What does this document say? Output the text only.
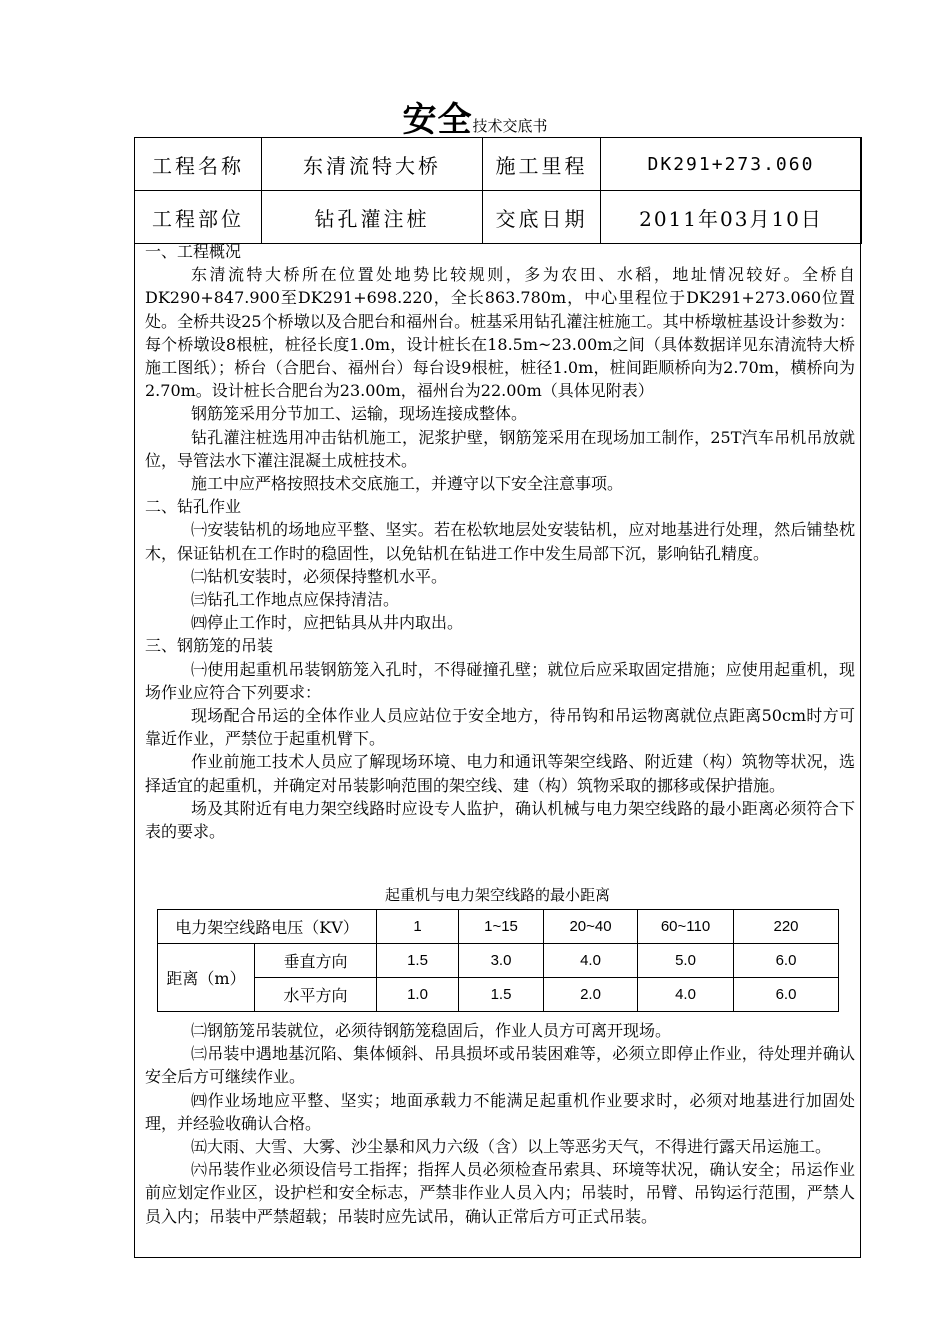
安全技术交底书
工程名称	东清流特大桥	施工里程	DK291+273.060
工程部位	钻孔灌注桩	交底日期	2011年03月10日

一、工程概况

东清流特大桥所在位置处地势比较规则，多为农田、水稻，地址情况较好。全桥自DK290+847.900至DK291+698.220，全长863.780m，中心里程位于DK291+273.060位置处。全桥共设25个桥墩以及合肥台和福州台。桩基采用钻孔灌注桩施工。其中桥墩桩基设计参数为：每个桥墩设8根桩，桩径长度1.0m，设计桩长在18.5m~23.00m之间（具体数据详见东清流特大桥施工图纸）；桥台（合肥台、福州台）每台设9根桩，桩径1.0m，桩间距顺桥向为2.70m，横桥向为2.70m。设计桩长合肥台为23.00m，福州台为22.00m（具体见附表）

钢筋笼采用分节加工、运输，现场连接成整体。

钻孔灌注桩选用冲击钻机施工，泥浆护壁，钢筋笼采用在现场加工制作，25T汽车吊机吊放就位，导管法水下灌注混凝土成桩技术。

施工中应严格按照技术交底施工，并遵守以下安全注意事项。

二、钻孔作业

㈠安装钻机的场地应平整、坚实。若在松软地层处安装钻机，应对地基进行处理，然后铺垫枕木，保证钻机在工作时的稳固性，以免钻机在钻进工作中发生局部下沉，影响钻孔精度。

㈡钻机安装时，必须保持整机水平。

㈢钻孔工作地点应保持清洁。

㈣停止工作时，应把钻具从井内取出。

三、钢筋笼的吊装

㈠使用起重机吊装钢筋笼入孔时，不得碰撞孔壁；就位后应采取固定措施；应使用起重机，现场作业应符合下列要求：

现场配合吊运的全体作业人员应站位于安全地方，待吊钩和吊运物离就位点距离50cm时方可靠近作业，严禁位于起重机臂下。

作业前施工技术人员应了解现场环境、电力和通讯等架空线路、附近建（构）筑物等状况，选择适宜的起重机，并确定对吊装影响范围的架空线、建（构）筑物采取的挪移或保护措施。

场及其附近有电力架空线路时应设专人监护，确认机械与电力架空线路的最小距离必须符合下表的要求。

起重机与电力架空线路的最小距离
电力架空线路电压（KV）		1	1~15	20~40	60~110	220
距离（m）	垂直方向	1.5	3.0	4.0	5.0	6.0
	水平方向	1.0	1.5	2.0	4.0	6.0

㈡钢筋笼吊装就位，必须待钢筋笼稳固后，作业人员方可离开现场。

㈢吊装中遇地基沉陷、集体倾斜、吊具损坏或吊装困难等，必须立即停止作业，待处理并确认安全后方可继续作业。

㈣作业场地应平整、坚实；地面承载力不能满足起重机作业要求时，必须对地基进行加固处理，并经验收确认合格。

㈤大雨、大雪、大雾、沙尘暴和风力六级（含）以上等恶劣天气，不得进行露天吊运施工。

㈥吊装作业必须设信号工指挥；指挥人员必须检查吊索具、环境等状况，确认安全；吊运作业前应划定作业区，设护栏和安全标志，严禁非作业人员入内；吊装时，吊臂、吊钩运行范围，严禁人员入内；吊装中严禁超载；吊装时应先试吊，确认正常后方可正式吊装。
